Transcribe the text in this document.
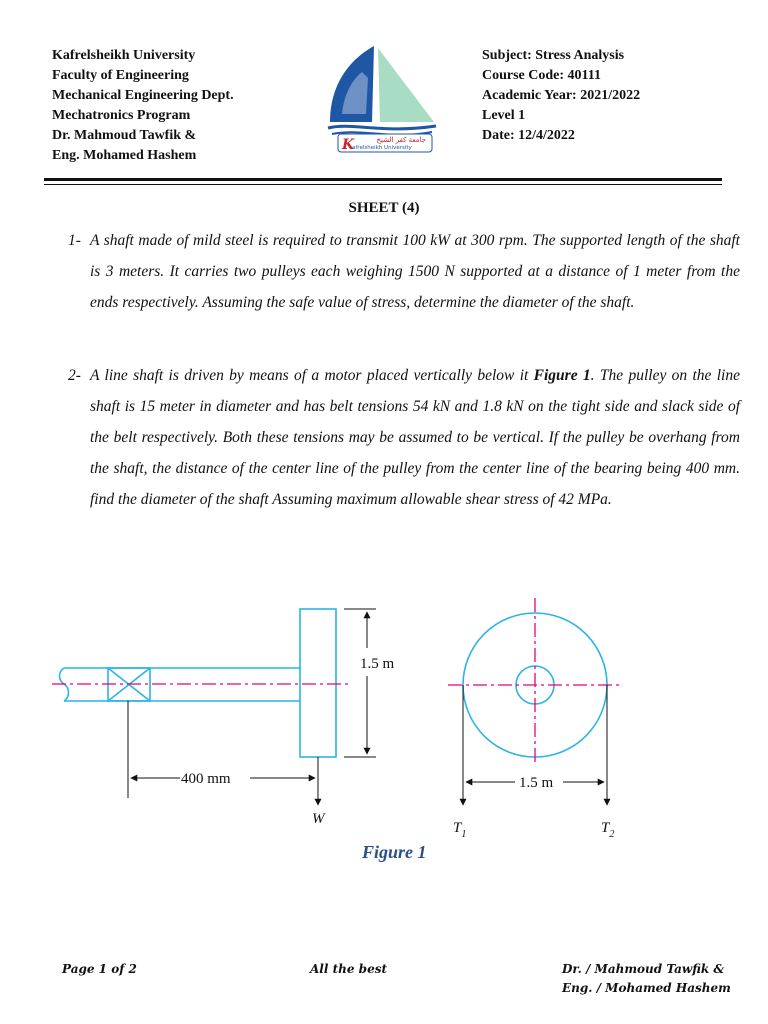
Kafrelsheikh University
Faculty of Engineering
Mechanical Engineering Dept.
Mechatronics Program
Dr. Mahmoud Tawfik &
Eng. Mohamed Hashem
K	جامعة كفر الشيخ
afrelsheikh University
Subject: Stress Analysis
Course Code: 40111
Academic Year: 2021/2022
Level 1
Date: 12/4/2022
SHEET (4)
1- A shaft made of mild steel is required to transmit 100 kW at 300 rpm. The supported length of the shaft is 3 meters. It carries two pulleys each weighing 1500 N supported at a distance of 1 meter from the ends respectively. Assuming the safe value of stress, determine the diameter of the shaft.
2- A line shaft is driven by means of a motor placed vertically below it Figure 1. The pulley on the line shaft is 15 meter in diameter and has belt tensions 54 kN and 1.8 kN on the tight side and slack side of the belt respectively. Both these tensions may be assumed to be vertical. If the pulley be overhang from the shaft, the distance of the center line of the pulley from the center line of the bearing being 400 mm. find the diameter of the shaft Assuming maximum allowable shear stress of 42 MPa.
1.5 m
400 mm
W
1.5 m
$T_1$	$T_2$
Figure 1
Page 1 of 2	All the best	Dr. / Mahmoud Tawfik &
Eng. / Mohamed Hashem
